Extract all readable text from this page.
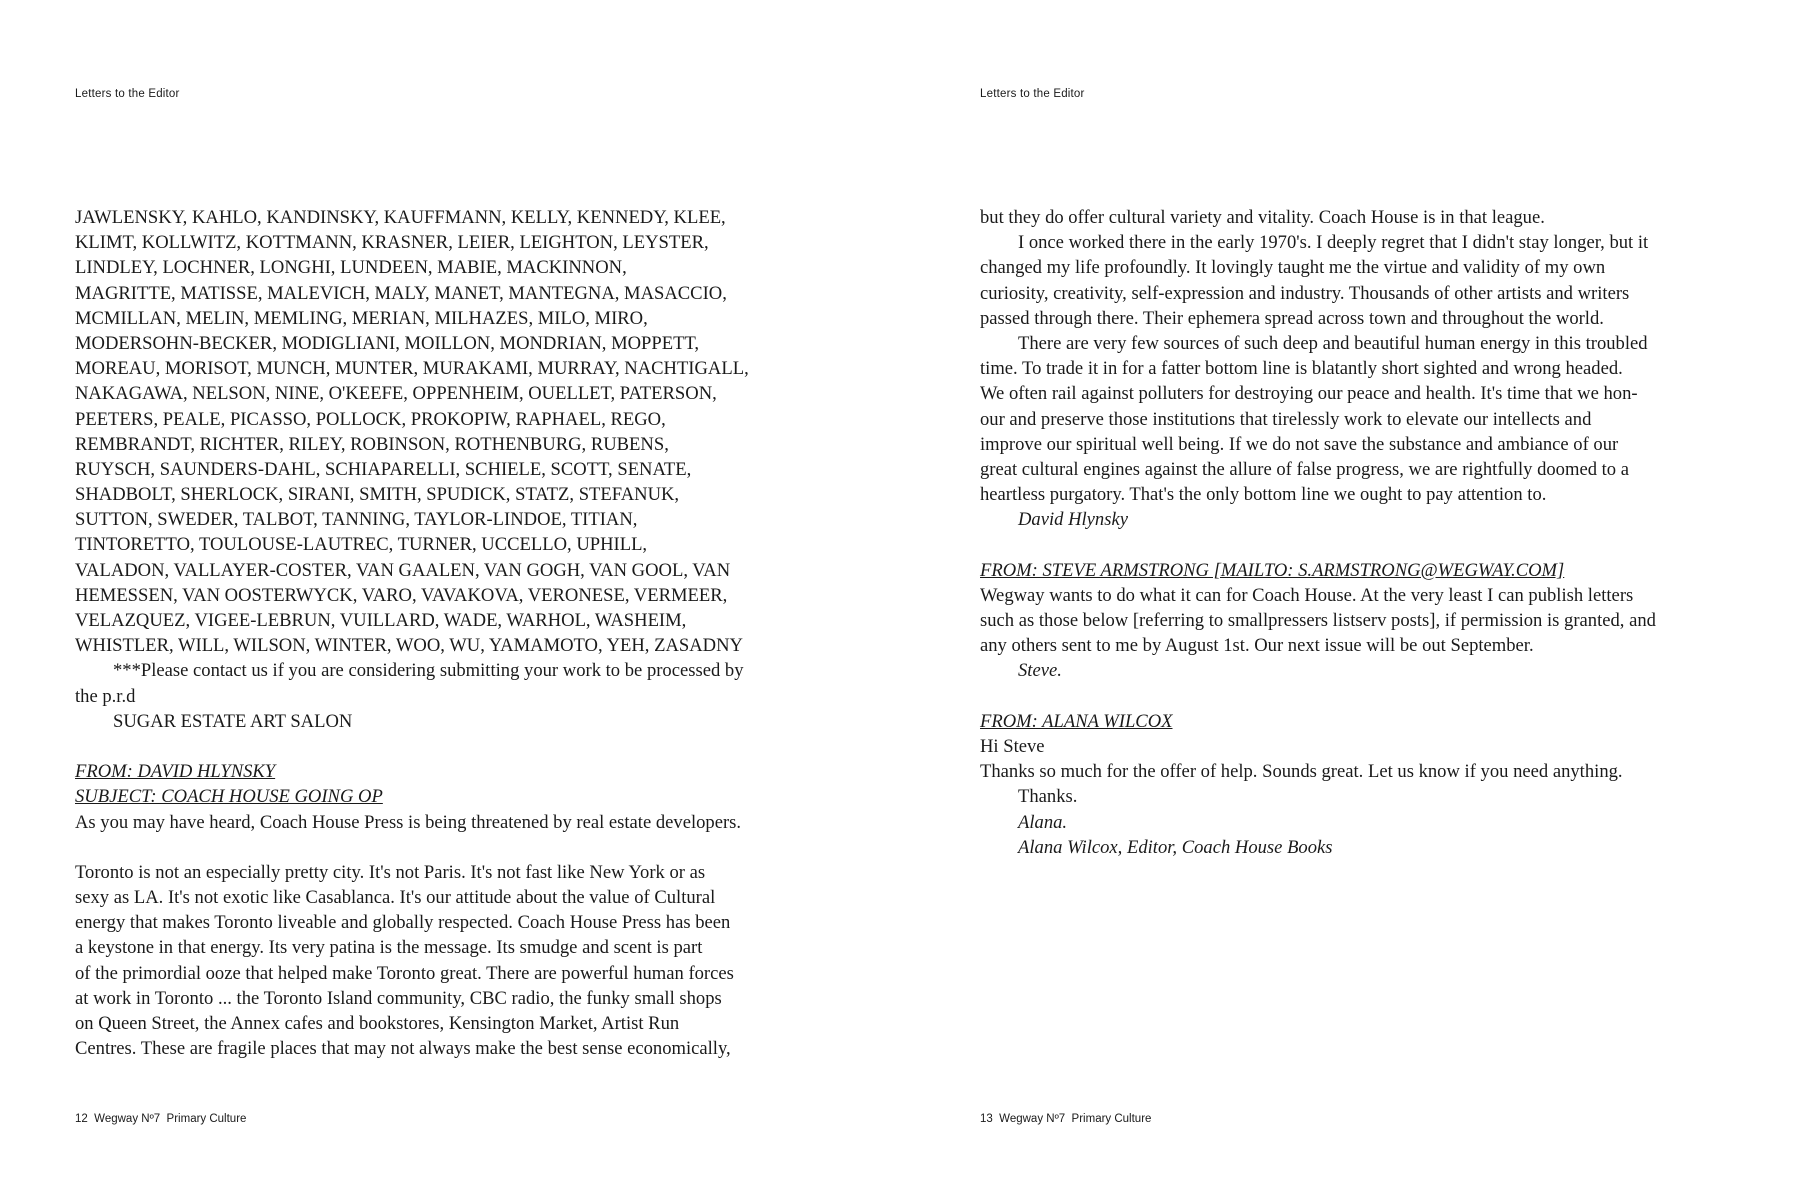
Letters to the Editor
JAWLENSKY, KAHLO, KANDINSKY, KAUFFMANN, KELLY, KENNEDY, KLEE,
KLIMT, KOLLWITZ, KOTTMANN, KRASNER, LEIER, LEIGHTON, LEYSTER,
LINDLEY, LOCHNER, LONGHI, LUNDEEN, MABIE, MACKINNON,
MAGRITTE, MATISSE, MALEVICH, MALY, MANET, MANTEGNA, MASACCIO,
MCMILLAN, MELIN, MEMLING, MERIAN, MILHAZES, MILO, MIRO,
MODERSOHN-BECKER, MODIGLIANI, MOILLON, MONDRIAN, MOPPETT,
MOREAU, MORISOT, MUNCH, MUNTER, MURAKAMI, MURRAY, NACHTIGALL,
NAKAGAWA, NELSON, NINE, O'KEEFE, OPPENHEIM, OUELLET, PATERSON,
PEETERS, PEALE, PICASSO, POLLOCK, PROKOPIW, RAPHAEL, REGO,
REMBRANDT, RICHTER, RILEY, ROBINSON, ROTHENBURG, RUBENS,
RUYSCH, SAUNDERS-DAHL, SCHIAPARELLI, SCHIELE, SCOTT, SENATE,
SHADBOLT, SHERLOCK, SIRANI, SMITH, SPUDICK, STATZ, STEFANUK,
SUTTON, SWEDER, TALBOT, TANNING, TAYLOR-LINDOE, TITIAN,
TINTORETTO, TOULOUSE-LAUTREC, TURNER, UCCELLO, UPHILL,
VALADON, VALLAYER-COSTER, VAN GAALEN, VAN GOGH, VAN GOOL, VAN
HEMESSEN, VAN OOSTERWYCK, VARO, VAVAKOVA, VERONESE, VERMEER,
VELAZQUEZ, VIGEE-LEBRUN, VUILLARD, WADE, WARHOL, WASHEIM,
WHISTLER, WILL, WILSON, WINTER, WOO, WU, YAMAMOTO, YEH, ZASADNY
***Please contact us if you are considering submitting your work to be processed by
the p.r.d
SUGAR ESTATE ART SALON
FROM: DAVID HLYNSKY
SUBJECT: COACH HOUSE GOING OP
As you may have heard, Coach House Press is being threatened by real estate developers.
Toronto is not an especially pretty city. It's not Paris. It's not fast like New York or as
sexy as LA. It's not exotic like Casablanca. It's our attitude about the value of Cultural
energy that makes Toronto liveable and globally respected. Coach House Press has been
a keystone in that energy. Its very patina is the message. Its smudge and scent is part
of the primordial ooze that helped make Toronto great. There are powerful human forces
at work in Toronto ... the Toronto Island community, CBC radio, the funky small shops
on Queen Street, the Annex cafes and bookstores, Kensington Market, Artist Run
Centres. These are fragile places that may not always make the best sense economically,
12  Wegway Nº7  Primary Culture
Letters to the Editor
but they do offer cultural variety and vitality. Coach House is in that league.
I once worked there in the early 1970's. I deeply regret that I didn't stay longer, but it
changed my life profoundly. It lovingly taught me the virtue and validity of my own
curiosity, creativity, self-expression and industry. Thousands of other artists and writers
passed through there. Their ephemera spread across town and throughout the world.
There are very few sources of such deep and beautiful human energy in this troubled
time. To trade it in for a fatter bottom line is blatantly short sighted and wrong headed.
We often rail against polluters for destroying our peace and health. It's time that we hon-
our and preserve those institutions that tirelessly work to elevate our intellects and
improve our spiritual well being. If we do not save the substance and ambiance of our
great cultural engines against the allure of false progress, we are rightfully doomed to a
heartless purgatory. That's the only bottom line we ought to pay attention to.
David Hlynsky
FROM: STEVE ARMSTRONG [MAILTO: S.ARMSTRONG@WEGWAY.COM]
Wegway wants to do what it can for Coach House. At the very least I can publish letters
such as those below [referring to smallpressers listserv posts], if permission is granted, and
any others sent to me by August 1st. Our next issue will be out September.
Steve.
FROM: ALANA WILCOX
Hi Steve
Thanks so much for the offer of help. Sounds great. Let us know if you need anything.
Thanks.
Alana.
Alana Wilcox, Editor, Coach House Books
13  Wegway Nº7  Primary Culture
